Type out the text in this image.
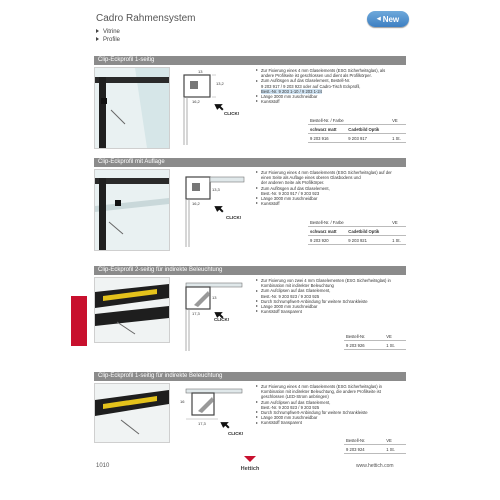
Cadro Rahmensystem
Vitrine
Profile
◀ New
Clip-Eckprofil 1-seitig
13,2
16,2
13
CLICK!
Zur Fixierung eines 4 mm Glaselements (ESG Sicherheitsglas), als
andere Profilseite ist geschlossen und dient als Profilkörper.
Zum Auflösgen auf das Glaselement, Bestell-Nr.
9 203 917 / 9 203 923 oder auf Cadro-Tisch Eckprofil,
Best.-Nr. 9 203 1-10 / 9 203 1-24
Länge 3000 mm zuschneidbar
Kunststoff
Bestell-Nr. / Farbe		VE
schwarz matt	Cadetbild Optik	
9 203 916	9 203 917	1 St.
Clip-Eckprofil mit Auflage
13,3
16,2
CLICK!
Zur Fixierung eines 4 mm Glaselements (ESG Sicherheitsglas) auf der
einen Seite als Auflage eines oberen Glasbodens und
der anderen Seite als Profilkörper.
Zum Auflösgen auf das Glaselement,
Best.-Nr. 9 203 917 / 9 203 923
Länge 3000 mm zuschneidbar
Kunststoff
Bestell-Nr. / Farbe		VE
schwarz matt	Cadetbild Optik	
9 203 920	9 203 921	1 St.
Clip-Eckprofil 2-seitig für indirekte Beleuchtung
13
17,3
CLICK!
Zur Fixierung von zwei 4 mm Glaselementen (ESG Sicherheitsglas) in
Kombination mit indirekter Beleuchtung
Zum Aufclipsen auf das Glaselement,
Best.-Nr. 9 203 923 / 9 203 925
Durch Schrumpfwert-Anbindung für weitere Schrankleiste
Länge 3000 mm zuschneidbar
Kunststoff transparent
Bestell-Nr.	VE
9 203 926	1 St.
Clip-Eckprofil 1-seitig für indirekte Beleuchtung
16
17,3
CLICK!
Zur Fixierung eines 4 mm Glaselements (ESG Sicherheitsglas) in
Kombination mit indirekter Beleuchtung, die andere Profilseite ist
geschlossen (LED-Strom anbringen)
Zum Aufclipsen auf das Glaselement,
Best.-Nr. 9 203 923 / 9 203 925
Durch Schrumpfwert-Anbindung für weitere Schrankleiste
Länge 3000 mm zuschneidbar
Kunststoff transparent
Bestell-Nr.	VE
9 203 924	1 St.
1010	Hettich	www.hettich.com
